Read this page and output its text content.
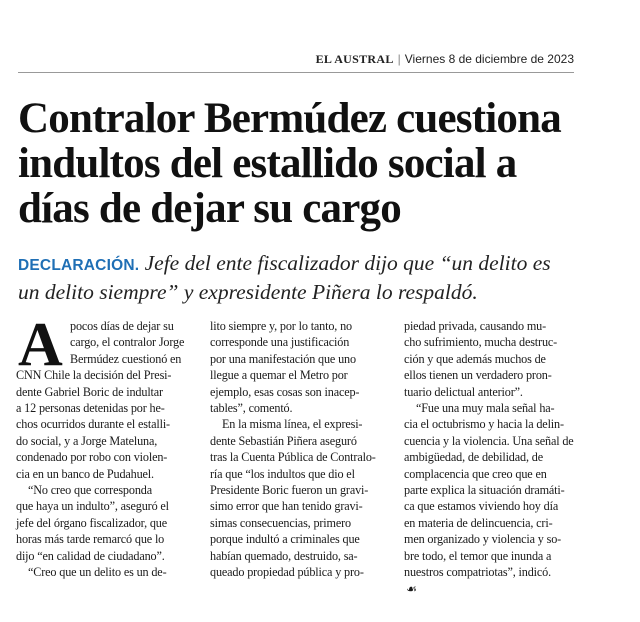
EL AUSTRAL | Viernes 8 de diciembre de 2023
Contralor Bermúdez cuestiona
indultos del estallido social a
días de dejar su cargo

DECLARACIÓN. Jefe del ente fiscalizador dijo que “un delito es
un delito siempre” y expresidente Piñera lo respaldó.

A pocos días de dejar su
cargo, el contralor Jorge
Bermúdez cuestionó en
CNN Chile la decisión del Presi-
dente Gabriel Boric de indultar
a 12 personas detenidas por he-
chos ocurridos durante el estalli-
do social, y a Jorge Mateluna,
condenado por robo con violen-
cia en un banco de Pudahuel.
“No creo que corresponda
que haya un indulto”, aseguró el
jefe del órgano fiscalizador, que
horas más tarde remarcó que lo
dijo “en calidad de ciudadano”.
“Creo que un delito es un de-
lito siempre y, por lo tanto, no
corresponde una justificación
por una manifestación que uno
llegue a quemar el Metro por
ejemplo, esas cosas son inacep-
tables”, comentó.
En la misma línea, el expresi-
dente Sebastián Piñera aseguró
tras la Cuenta Pública de Contralo-
ría que “los indultos que dio el
Presidente Boric fueron un gravi-
simo error que han tenido gravi-
simas consecuencias, primero
porque indultó a criminales que
habían quemado, destruido, sa-
queado propiedad pública y pro-
piedad privada, causando mu-
cho sufrimiento, mucha destruc-
ción y que además muchos de
ellos tienen un verdadero pron-
tuario delictual anterior”.
“Fue una muy mala señal ha-
cia el octubrismo y hacia la delin-
cuencia y la violencia. Una señal de
ambigüedad, de debilidad, de
complacencia que creo que en
parte explica la situación dramáti-
ca que estamos viviendo hoy día
en materia de delincuencia, cri-
men organizado y violencia y so-
bre todo, el temor que inunda a
nuestros compatriotas”, indicó.
☙
